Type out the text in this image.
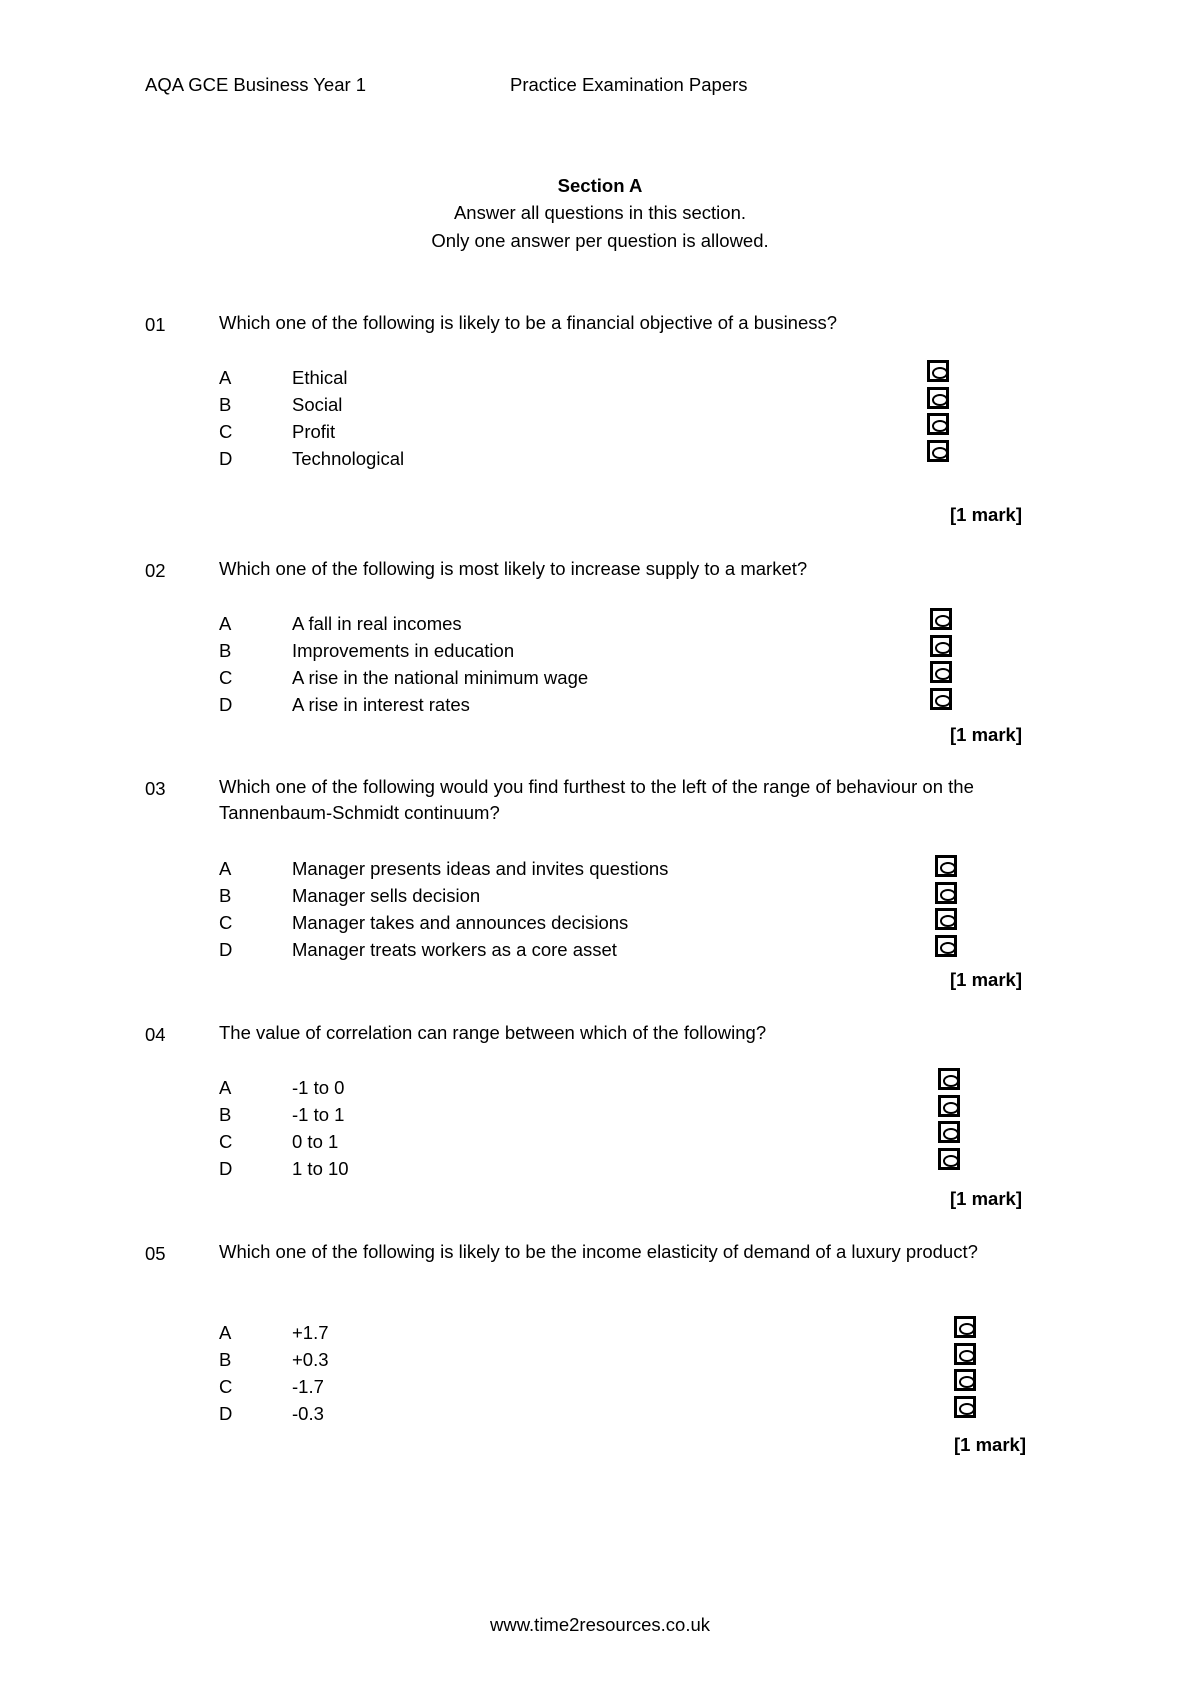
AQA GCE Business Year 1	Practice Examination Papers
Section A
Answer all questions in this section.
Only one answer per question is allowed.
01	Which one of the following is likely to be a financial objective of a business?
A	Ethical
B	Social
C	Profit
D	Technological
[1 mark]
02	Which one of the following is most likely to increase supply to a market?
A	A fall in real incomes
B	Improvements in education
C	A rise in the national minimum wage
D	A rise in interest rates
[1 mark]
03	Which one of the following would you find furthest to the left of the range of behaviour on the Tannenbaum-Schmidt continuum?
A	Manager presents ideas and invites questions
B	Manager sells decision
C	Manager takes and announces decisions
D	Manager treats workers as a core asset
[1 mark]
04	The value of correlation can range between which of the following?
A	-1 to 0
B	-1 to 1
C	0 to 1
D	1 to 10
[1 mark]
05	Which one of the following is likely to be the income elasticity of demand of a luxury product?
A	+1.7
B	+0.3
C	-1.7
D	-0.3
[1 mark]
www.time2resources.co.uk
